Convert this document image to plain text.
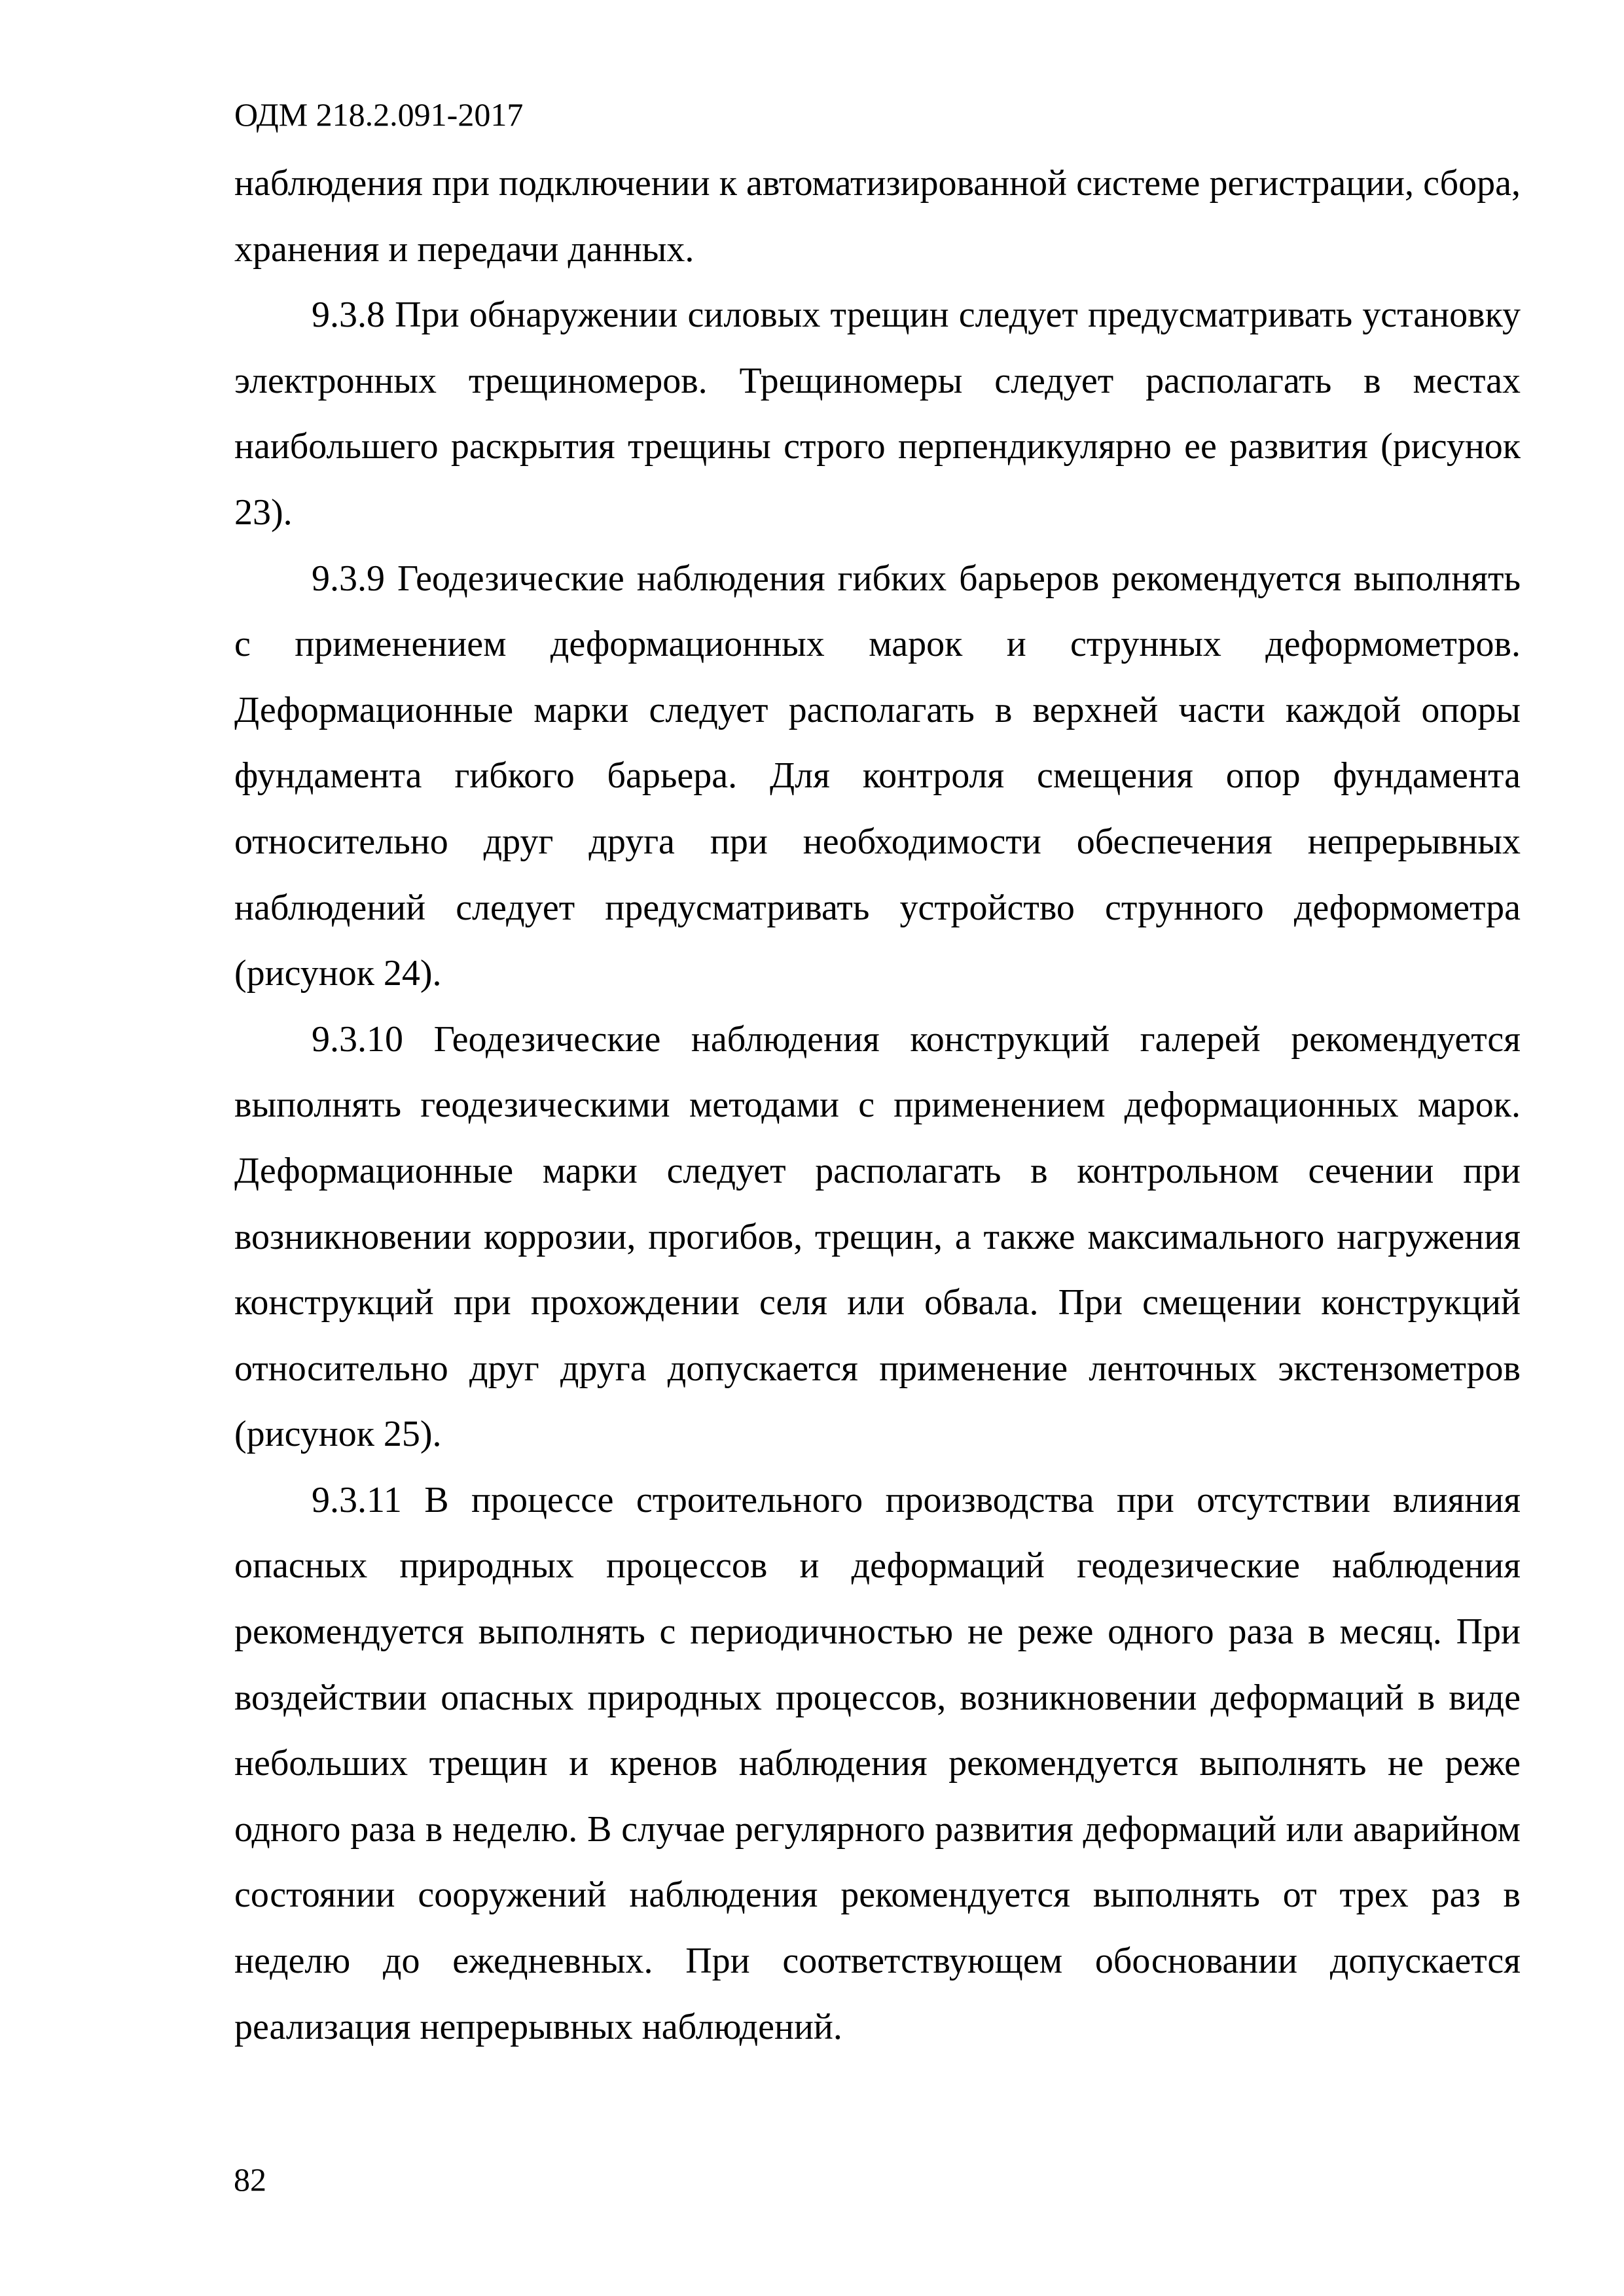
ОДМ 218.2.091-2017

наблюдения при подключении к автоматизированной системе регистрации, сбора, хранения и передачи данных.

9.3.8 При обнаружении силовых трещин следует предусматривать установку электронных трещиномеров. Трещиномеры следует располагать в местах наибольшего раскрытия трещины строго перпендикулярно ее развития (рисунок 23).

9.3.9 Геодезические наблюдения гибких барьеров рекомендуется выполнять с применением деформационных марок и струнных деформометров. Деформационные марки следует располагать в верхней части каждой опоры фундамента гибкого барьера. Для контроля смещения опор фундамента относительно друг друга при необходимости обеспечения непрерывных наблюдений следует предусматривать устройство струнного деформометра (рисунок 24).

9.3.10 Геодезические наблюдения конструкций галерей рекомендуется выполнять геодезическими методами с применением деформационных марок. Деформационные марки следует располагать в контрольном сечении при возникновении коррозии, прогибов, трещин, а также максимального нагружения конструкций при прохождении селя или обвала. При смещении конструкций относительно друг друга допускается применение ленточных экстензометров (рисунок 25).

9.3.11 В процессе строительного производства при отсутствии влияния опасных природных процессов и деформаций геодезические наблюдения рекомендуется выполнять с периодичностью не реже одного раза в месяц. При воздействии опасных природных процессов, возникновении деформаций в виде небольших трещин и кренов наблюдения рекомендуется выполнять не реже одного раза в неделю. В случае регулярного развития деформаций или аварийном состоянии сооружений наблюдения рекомендуется выполнять от трех раз в неделю до ежедневных. При соответствующем обосновании допускается реализация непрерывных наблюдений.

82
